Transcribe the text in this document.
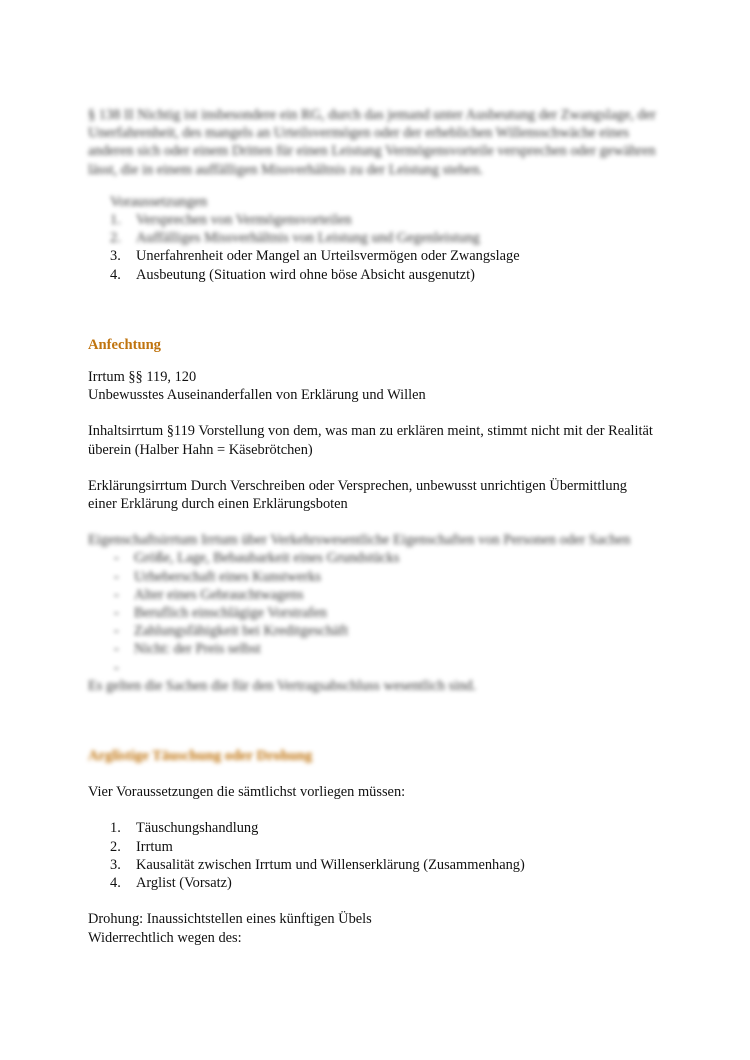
§ 138 II Nichtig ist insbesondere ein RG, durch das jemand unter Ausbeutung der Zwangslage, der Unerfahrenheit, des mangels an Urteilsvermögen oder der erheblichen Willensschwäche eines anderen sich oder einem Dritten für einen Leistung Vermögensvorteile versprechen oder gewähren lässt, die in einem auffälligen Missverhältnis zu der Leistung stehen.

Voraussetzungen

1.	Versprechen von Vermögensvorteilen
2.	Auffälliges Missverhältnis von Leistung und Gegenleistung
3.	Unerfahrenheit oder Mangel an Urteilsvermögen oder Zwangslage
4.	Ausbeutung (Situation wird ohne böse Absicht ausgenutzt)

Anfechtung

Irrtum §§ 119, 120

Unbewusstes Auseinanderfallen von Erklärung und Willen

Inhaltsirrtum §119 Vorstellung von dem, was man zu erklären meint, stimmt nicht mit der Realität überein (Halber Hahn = Käsebrötchen)

Erklärungsirrtum Durch Verschreiben oder Versprechen, unbewusst unrichtigen Übermittlung einer Erklärung durch einen Erklärungsboten

Eigenschaftsirrtum Irrtum über Verkehrswesentliche Eigenschaften von Personen oder Sachen

-	Größe, Lage, Bebaubarkeit eines Grundstücks
-	Urheberschaft eines Kunstwerks
-	Alter eines Gebrauchtwagens
-	Beruflich einschlägige Vorstrafen
-	Zahlungsfähigkeit bei Kreditgeschäft
-	Nicht: der Preis selbst
-

Es gelten die Sachen die für den Vertragsabschluss wesentlich sind.

Arglistige Täuschung oder Drohung

Vier Voraussetzungen die sämtlichst vorliegen müssen:

1.	Täuschungshandlung
2.	Irrtum
3.	Kausalität zwischen Irrtum und Willenserklärung (Zusammenhang)
4.	Arglist (Vorsatz)

Drohung: Inaussichtstellen eines künftigen Übels

Widerrechtlich wegen des:
